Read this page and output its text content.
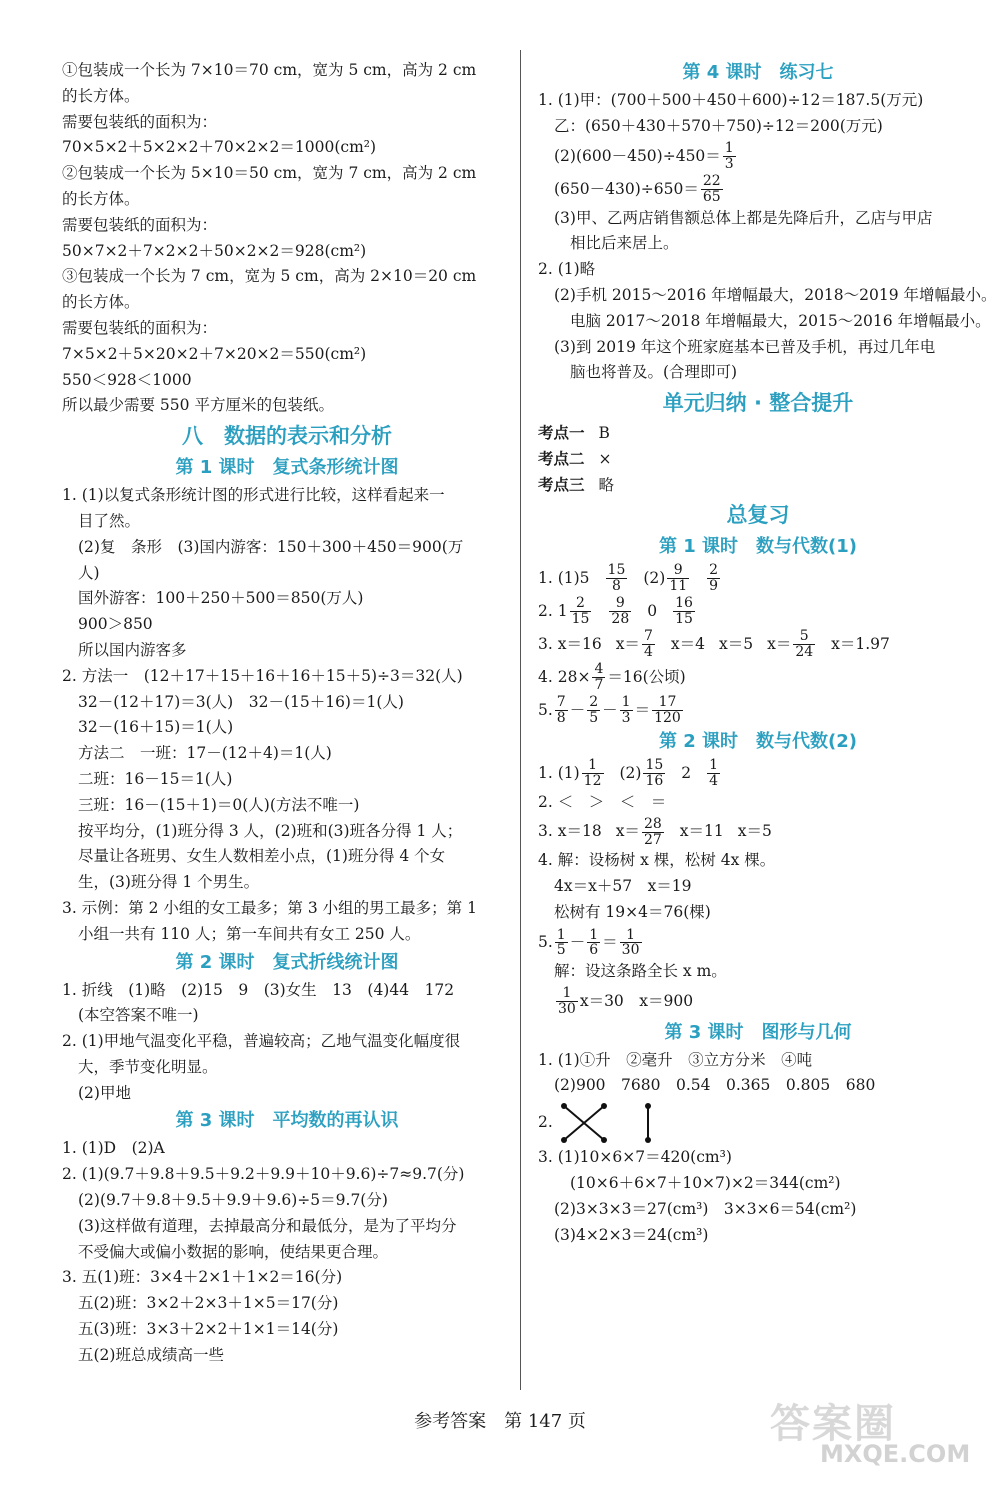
①包装成一个长为 7×10＝70 cm，宽为 5 cm，高为 2 cm
的长方体。
需要包装纸的面积为：
70×5×2＋5×2×2＋70×2×2＝1000(cm²)
②包装成一个长为 5×10＝50 cm，宽为 7 cm，高为 2 cm
的长方体。
需要包装纸的面积为：
50×7×2＋7×2×2＋50×2×2＝928(cm²)
③包装成一个长为 7 cm，宽为 5 cm，高为 2×10＝20 cm
的长方体。
需要包装纸的面积为：
7×5×2＋5×20×2＋7×20×2＝550(cm²)
550＜928＜1000
所以最少需要 550 平方厘米的包装纸。
八　数据的表示和分析
第 1 课时　复式条形统计图
1. (1)以复式条形统计图的形式进行比较，这样看起来一
目了然。
(2)复　条形　(3)国内游客：150＋300＋450＝900(万
人)
国外游客：100＋250＋500＝850(万人)
900＞850
所以国内游客多
2. 方法一　(12＋17＋15＋16＋16＋15＋5)÷3＝32(人)
32－(12＋17)＝3(人)　32－(15＋16)＝1(人)
32－(16＋15)＝1(人)
方法二　一班：17－(12＋4)＝1(人)
二班：16－15＝1(人)
三班：16－(15＋1)＝0(人)(方法不唯一)
按平均分，(1)班分得 3 人，(2)班和(3)班各分得 1 人；
尽量让各班男、女生人数相差小点，(1)班分得 4 个女
生，(3)班分得 1 个男生。
3. 示例：第 2 小组的女工最多；第 3 小组的男工最多；第 1
小组一共有 110 人；第一车间共有女工 250 人。
第 2 课时　复式折线统计图
1. 折线　(1)略　(2)15　9　(3)女生　13　(4)44　172
(本空答案不唯一)
2. (1)甲地气温变化平稳，普遍较高；乙地气温变化幅度很
大，季节变化明显。
(2)甲地
第 3 课时　平均数的再认识
1. (1)D　(2)A
2. (1)(9.7＋9.8＋9.5＋9.2＋9.9＋10＋9.6)÷7≈9.7(分)
(2)(9.7＋9.8＋9.5＋9.9＋9.6)÷5＝9.7(分)
(3)这样做有道理，去掉最高分和最低分，是为了平均分
不受偏大或偏小数据的影响，使结果更合理。
3. 五(1)班：3×4＋2×1＋1×2＝16(分)
五(2)班：3×2＋2×3＋1×5＝17(分)
五(3)班：3×3＋2×2＋1×1＝14(分)
五(2)班总成绩高一些
第 4 课时　练习七
1. (1)甲：(700＋500＋450＋600)÷12＝187.5(万元)
乙：(650＋430＋570＋750)÷12＝200(万元)
$(2)(600-450)\div 450= \frac{1}{3}$
$(650-430)\div 650= \frac{22}{65}$
(3)甲、乙两店销售额总体上都是先降后升，乙店与甲店
相比后来居上。
2. (1)略
(2)手机 2015～2016 年增幅最大，2018～2019 年增幅最小。
电脑 2017～2018 年增幅最大，2015～2016 年增幅最小。
(3)到 2019 年这个班家庭基本已普及手机，再过几年电
脑也将普及。(合理即可)
单元归纳 · 整合提升
考点一 B
考点二 ×
考点三 略
总复习
第 1 课时　数与代数(1)
1. $(1)5 \frac{15}{8} (2) \frac{9}{11} \frac{2}{9}$
2. $1 \frac{2}{15} \frac{9}{28} 0 \frac{16}{15}$
3. x＝16 $x= \frac{7}{4} x=4$ x＝5 $x= \frac{5}{24} x=1.97$
4. $28\times \frac{4}{7} =16$(公顷)
5. $\frac{7}{8} - \frac{2}{5} - \frac{1}{3} = \frac{17}{120}$
第 2 课时　数与代数(2)
1. $(1) \frac{1}{12} (2) \frac{15}{16} 2 \frac{1}{4}$
2. ＜　＞　＜　＝
3. x＝18 $x= \frac{28}{27} x=11$ x＝5
4. 解：设杨树 x 棵，松树 4x 棵。
4x＝x＋57　x＝19
松树有 19×4＝76(棵)
5. $\frac{1}{5} - \frac{1}{6} = \frac{1}{30}$
解：设这条路全长 x m。
$\frac{1}{30} x=30$　x＝900
第 3 课时　图形与几何
1. (1)①升　②毫升　③立方分米　④吨
(2)900　7680　0.54　0.365　0.805　680
2.
3. (1)10×6×7＝420(cm³)
(10×6＋6×7＋10×7)×2＝344(cm²)
(2)3×3×3＝27(cm³)　3×3×6＝54(cm²)
(3)4×2×3＝24(cm³)
参考答案　第 147 页	答案圈
MXQE.COM
